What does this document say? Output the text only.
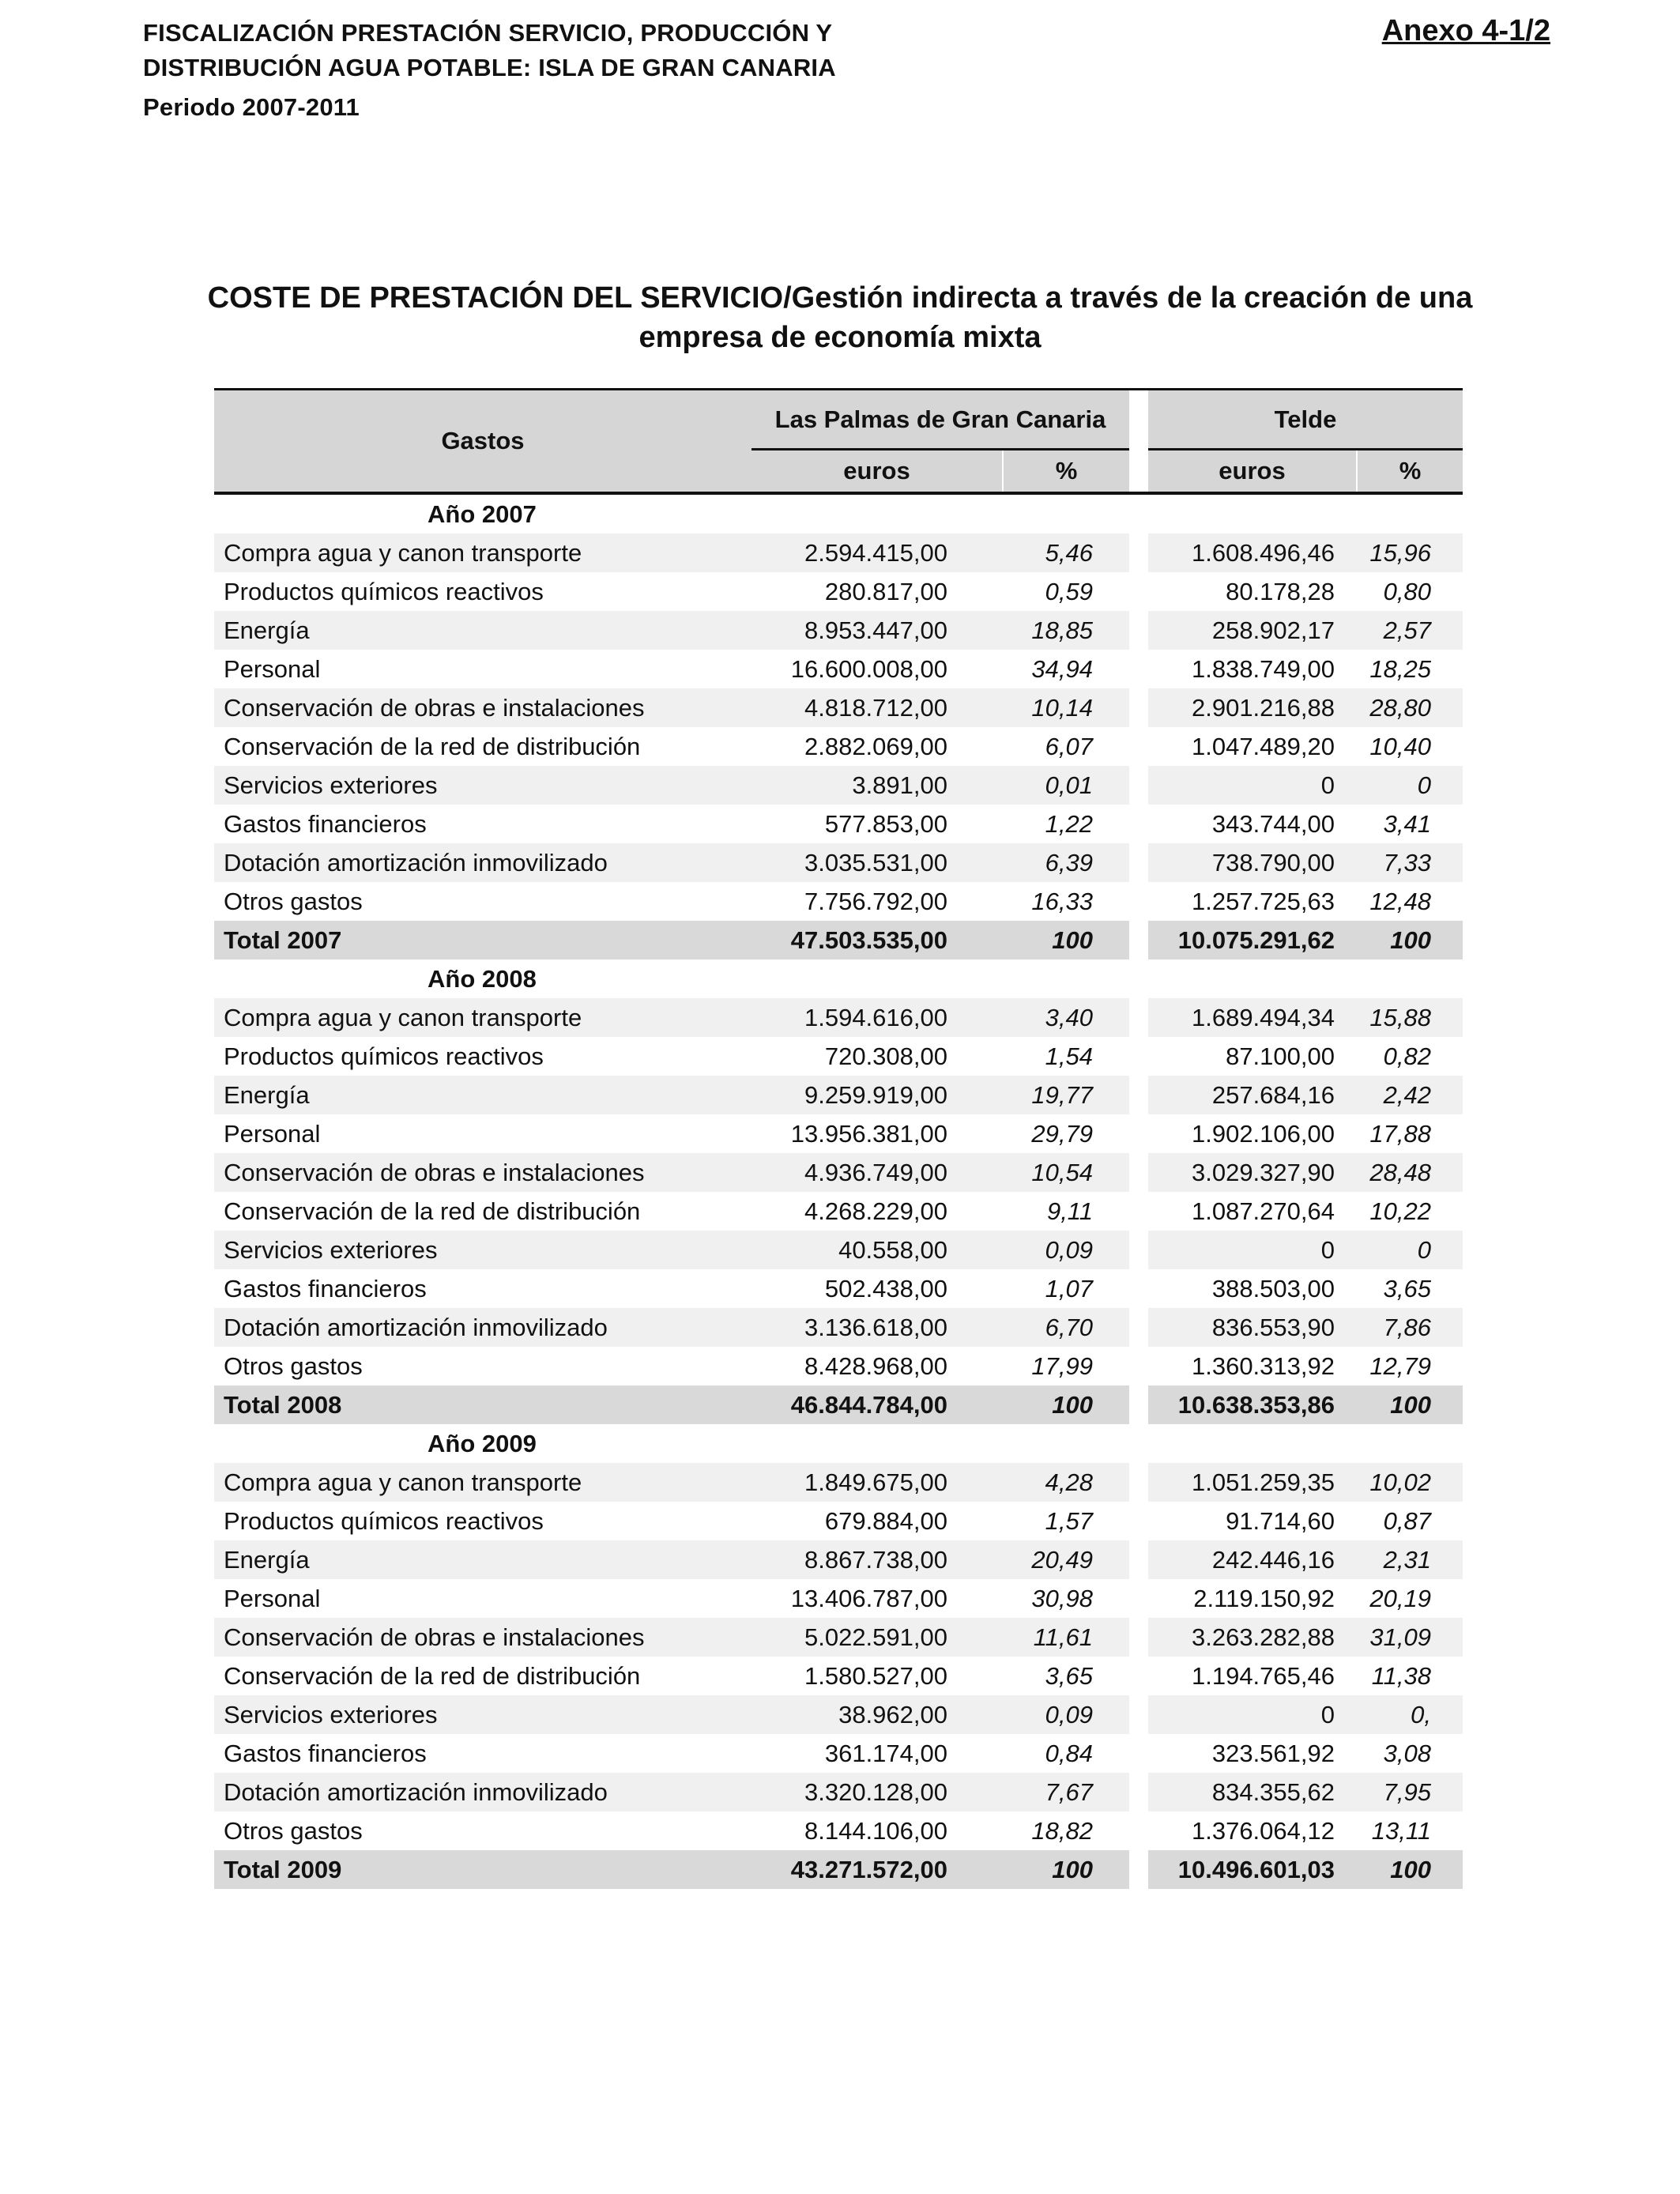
FISCALIZACIÓN PRESTACIÓN SERVICIO, PRODUCCIÓN Y
DISTRIBUCIÓN AGUA POTABLE: ISLA DE GRAN CANARIA
Periodo 2007-2011
Anexo 4-1/2
COSTE DE PRESTACIÓN DEL SERVICIO/Gestión indirecta a través de la creación de una
empresa de economía mixta

Gastos	Las Palmas de Gran Canaria			Telde	
	euros	%		euros	%

Año 2007					
Compra agua y canon transporte	2.594.415,00	5,46		1.608.496,46	15,96
Productos químicos reactivos	280.817,00	0,59		80.178,28	0,80
Energía	8.953.447,00	18,85		258.902,17	2,57
Personal	16.600.008,00	34,94		1.838.749,00	18,25
Conservación de obras e instalaciones	4.818.712,00	10,14		2.901.216,88	28,80
Conservación de la red de distribución	2.882.069,00	6,07		1.047.489,20	10,40
Servicios exteriores	3.891,00	0,01		0	0
Gastos financieros	577.853,00	1,22		343.744,00	3,41
Dotación amortización inmovilizado	3.035.531,00	6,39		738.790,00	7,33
Otros gastos	7.756.792,00	16,33		1.257.725,63	12,48
Total 2007	47.503.535,00	100		10.075.291,62	100
Año 2008					
Compra agua y canon transporte	1.594.616,00	3,40		1.689.494,34	15,88
Productos químicos reactivos	720.308,00	1,54		87.100,00	0,82
Energía	9.259.919,00	19,77		257.684,16	2,42
Personal	13.956.381,00	29,79		1.902.106,00	17,88
Conservación de obras e instalaciones	4.936.749,00	10,54		3.029.327,90	28,48
Conservación de la red de distribución	4.268.229,00	9,11		1.087.270,64	10,22
Servicios exteriores	40.558,00	0,09		0	0
Gastos financieros	502.438,00	1,07		388.503,00	3,65
Dotación amortización inmovilizado	3.136.618,00	6,70		836.553,90	7,86
Otros gastos	8.428.968,00	17,99		1.360.313,92	12,79
Total 2008	46.844.784,00	100		10.638.353,86	100
Año 2009					
Compra agua y canon transporte	1.849.675,00	4,28		1.051.259,35	10,02
Productos químicos reactivos	679.884,00	1,57		91.714,60	0,87
Energía	8.867.738,00	20,49		242.446,16	2,31
Personal	13.406.787,00	30,98		2.119.150,92	20,19
Conservación de obras e instalaciones	5.022.591,00	11,61		3.263.282,88	31,09
Conservación de la red de distribución	1.580.527,00	3,65		1.194.765,46	11,38
Servicios exteriores	38.962,00	0,09		0	0,
Gastos financieros	361.174,00	0,84		323.561,92	3,08
Dotación amortización inmovilizado	3.320.128,00	7,67		834.355,62	7,95
Otros gastos	8.144.106,00	18,82		1.376.064,12	13,11
Total 2009	43.271.572,00	100		10.496.601,03	100
